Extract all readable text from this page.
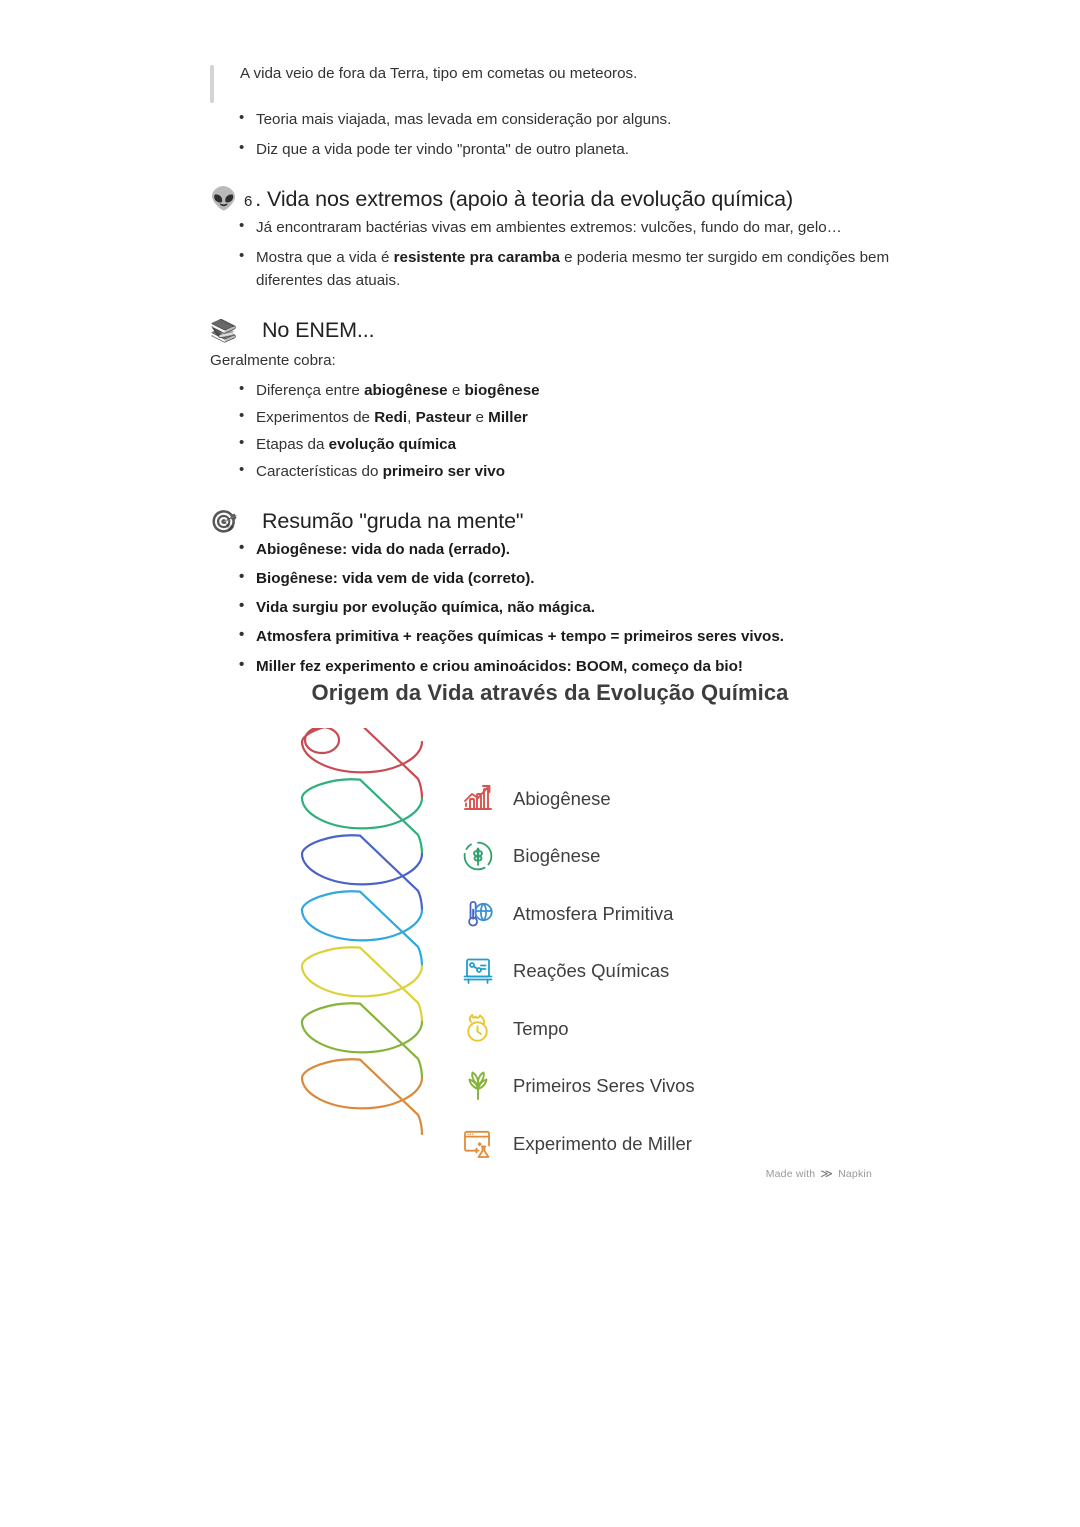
A vida veio de fora da Terra, tipo em cometas ou meteoros.
• Teoria mais viajada, mas levada em consideração por alguns.
• Diz que a vida pode ter vindo "pronta" de outro planeta.
👽 6 . Vida nos extremos (apoio à teoria da evolução química)
• Já encontraram bactérias vivas em ambientes extremos: vulcões, fundo do mar, gelo…
• Mostra que a vida é resistente pra caramba e poderia mesmo ter surgido em condições bem diferentes das atuais.
📚	No ENEM...
Geralmente cobra:
• Diferença entre abiogênese e biogênese
• Experimentos de Redi, Pasteur e Miller
• Etapas da evolução química
• Características do primeiro ser vivo
🎯	Resumão "gruda na mente"
• Abiogênese: vida do nada (errado).
• Biogênese: vida vem de vida (correto).
• Vida surgiu por evolução química, não mágica.
• Atmosfera primitiva + reações químicas + tempo = primeiros seres vivos.
• Miller fez experimento e criou aminoácidos: BOOM, começo da bio!
Origem da Vida através da Evolução Química
Abiogênese
Biogênese
Atmosfera Primitiva
Reações Químicas
Tempo
Primeiros Seres Vivos
Experimento de Miller
Made with ≫ Napkin
